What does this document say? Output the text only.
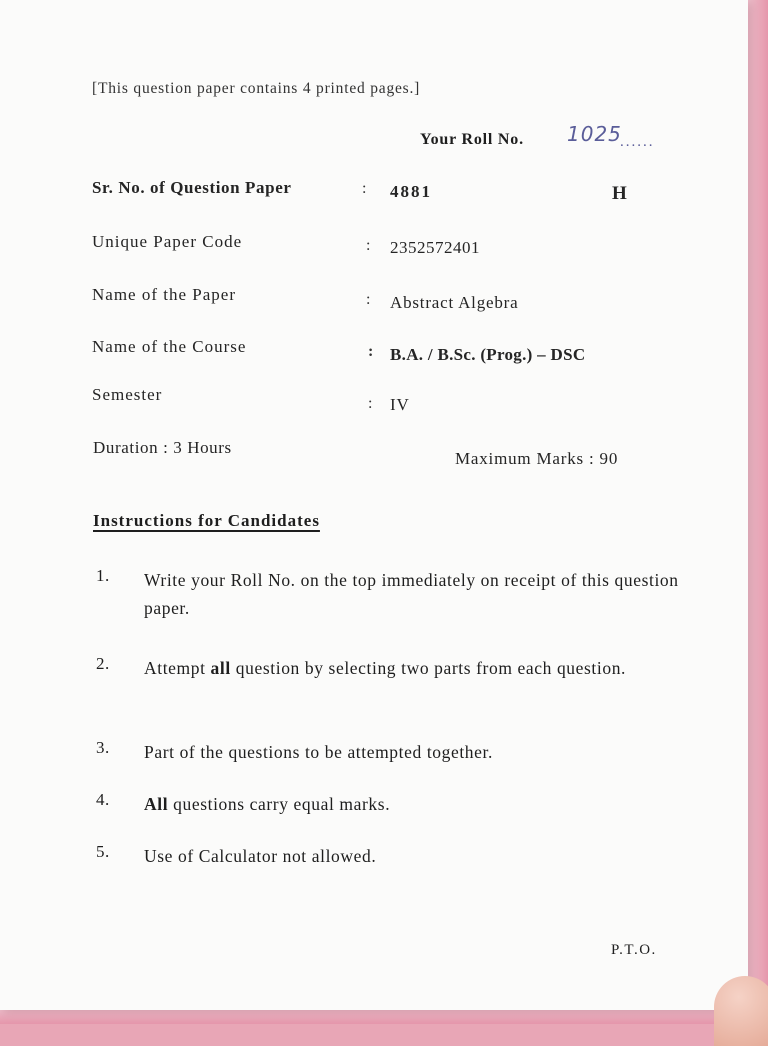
[This question paper contains 4 printed pages.]
Your Roll No. 1025
......
Sr. No. of Question Paper	: 4881	H
Unique Paper Code	: 2352572401
Name of the Paper	: Abstract Algebra
Name of the Course	: B.A. / B.Sc. (Prog.) – DSC
Semester	: IV
Duration : 3 Hours
Maximum Marks : 90
Instructions for Candidates
1. Write your Roll No. on the top immediately on receipt of this question paper.
2. Attempt all question by selecting two parts from each question.
3. Part of the questions to be attempted together.
4. All questions carry equal marks.
5. Use of Calculator not allowed.
P.T.O.
